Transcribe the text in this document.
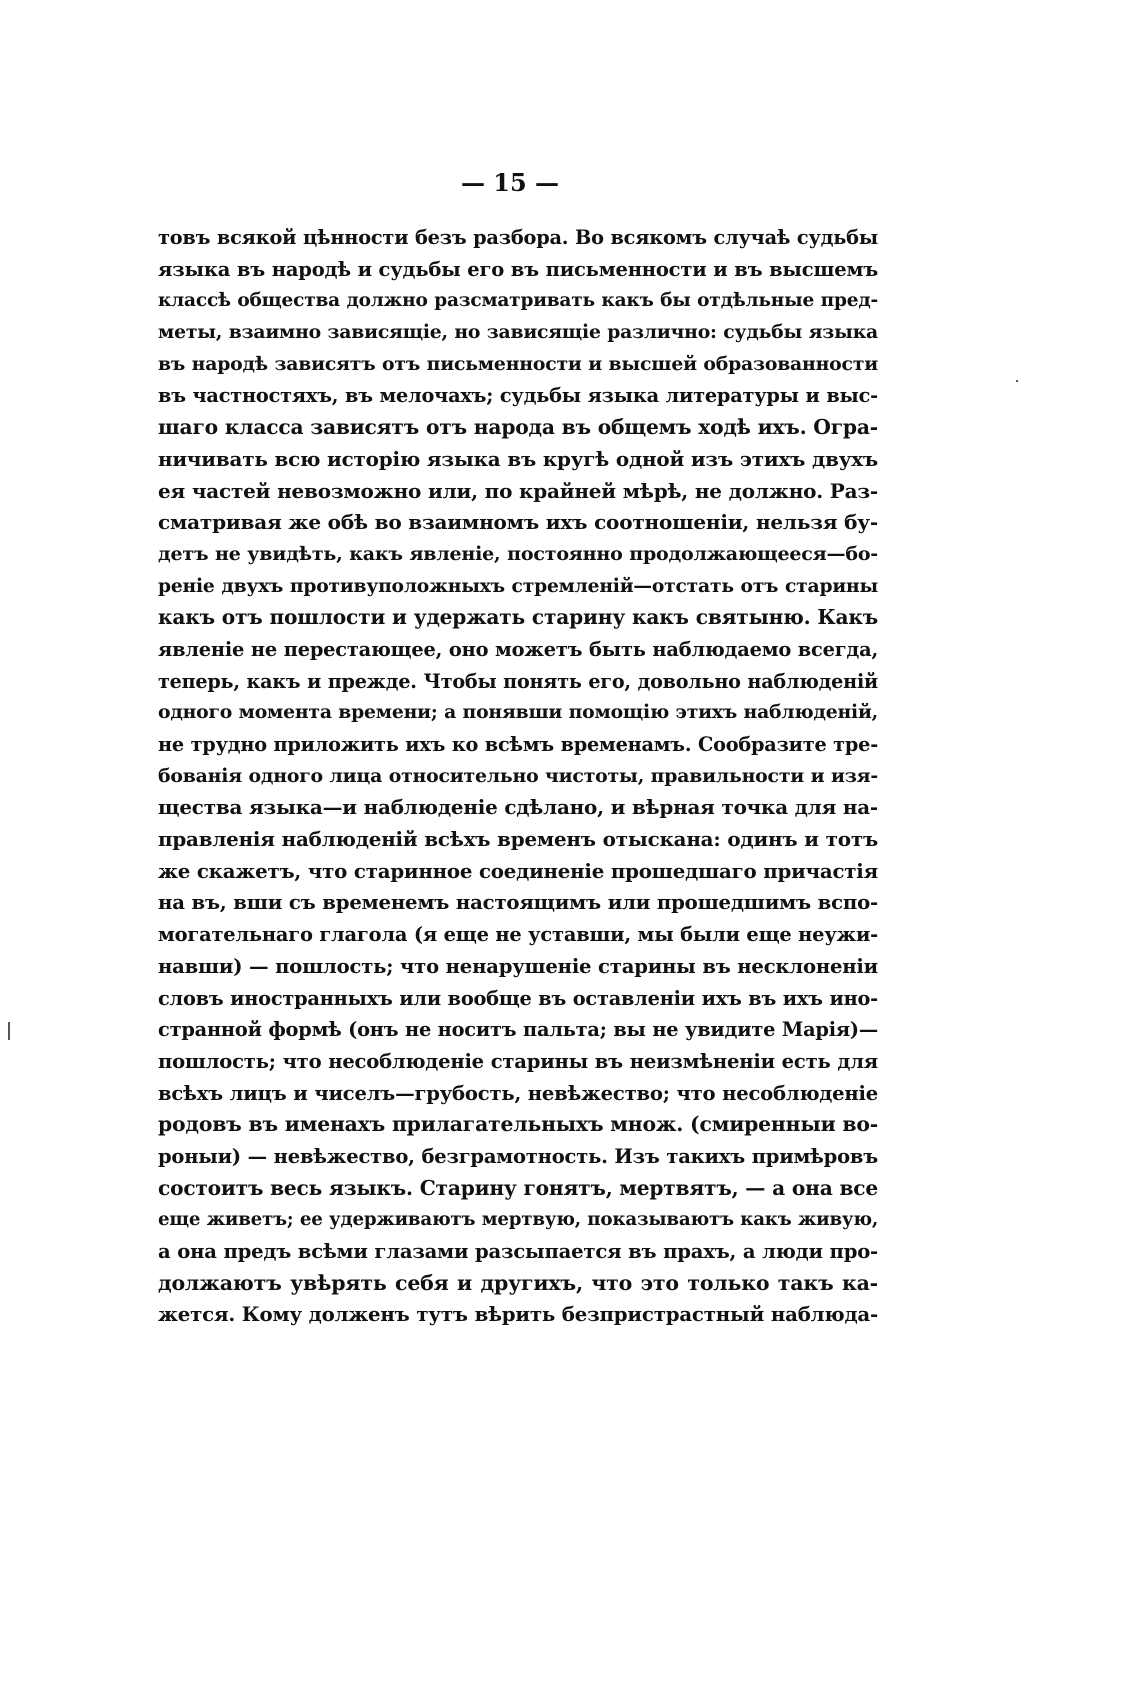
— 15 —
товъ всякой цѣнности безъ разбора. Во всякомъ случаѣ судьбы
языка въ народѣ и судьбы его въ письменности и въ высшемъ
классѣ общества должно разсматривать какъ бы отдѣльные пред-
меты, взаимно зависящіе, но зависящіе различно: судьбы языка
въ народѣ зависятъ отъ письменности и высшей образованности
въ частностяхъ, въ мелочахъ; судьбы языка литературы и выс-
шаго класса зависятъ отъ народа въ общемъ ходѣ ихъ. Огра-
ничивать всю исторію языка въ кругѣ одной изъ этихъ двухъ
ея частей невозможно или, по крайней мѣрѣ, не должно. Раз-
сматривая же обѣ во взаимномъ ихъ соотношеніи, нельзя бу-
детъ не увидѣть, какъ явленіе, постоянно продолжающееся—бо-
реніе двухъ противуположныхъ стремленій—отстать отъ старины
какъ отъ пошлости и удержать старину какъ святыню. Какъ
явленіе не перестающее, оно можетъ быть наблюдаемо всегда,
теперь, какъ и прежде. Чтобы понять его, довольно наблюденій
одного момента времени; а понявши помощію этихъ наблюденій,
не трудно приложить ихъ ко всѣмъ временамъ. Сообразите тре-
бованія одного лица относительно чистоты, правильности и изя-
щества языка—и наблюденіе сдѣлано, и вѣрная точка для на-
правленія наблюденій всѣхъ временъ отыскана: одинъ и тотъ
же скажетъ, что старинное соединеніе прошедшаго причастія
на въ, вши съ временемъ настоящимъ или прошедшимъ вспо-
могательнаго глагола (я еще не уставши, мы были еще неужи-
навши) — пошлость; что ненарушеніе старины въ несклоненіи
словъ иностранныхъ или вообще въ оставленіи ихъ въ ихъ ино-
странной формѣ (онъ не носитъ пальта; вы не увидите Марія)—
пошлость; что несоблюденіе старины въ неизмѣненіи есть для
всѣхъ лицъ и чиселъ—грубость, невѣжество; что несоблюденіе
родовъ въ именахъ прилагательныхъ множ. (смиренныи во-
роныи) — невѣжество, безграмотность. Изъ такихъ примѣровъ
состоитъ весь языкъ. Старину гонятъ, мертвятъ, — а она все
еще живетъ; ее удерживаютъ мертвую, показываютъ какъ живую,
а она предъ всѣми глазами разсыпается въ прахъ, а люди про-
должаютъ увѣрять себя и другихъ, что это только такъ ка-
жется. Кому долженъ тутъ вѣрить безпристрастный наблюда-
